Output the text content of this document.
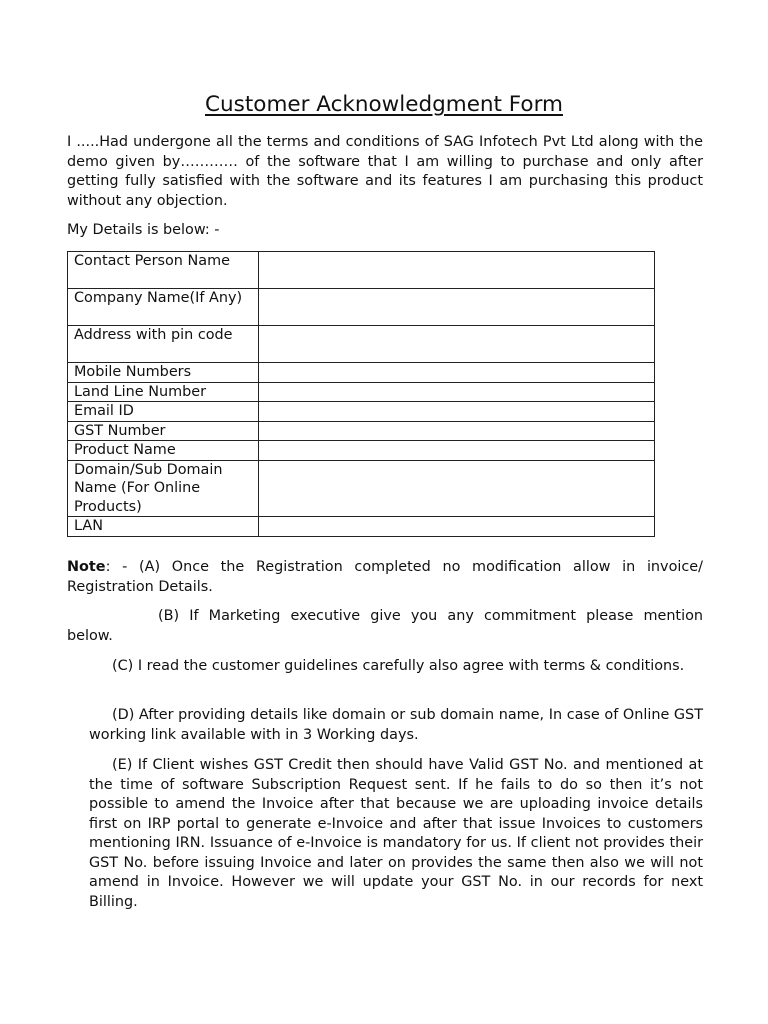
Customer Acknowledgment Form

I .....Had undergone all the terms and conditions of SAG Infotech Pvt Ltd along with the demo given by………… of the software that I am willing to purchase and only after getting fully satisfied with the software and its features I am purchasing this product without any objection.

My Details is below: -

Contact Person Name	
Company Name(If Any)	
Address with pin code	
Mobile Numbers	
Land Line Number	
Email ID	
GST Number	
Product Name	
Domain/Sub Domain Name (For Online Products)	
LAN	

Note: - (A) Once the Registration completed no modification allow in invoice/ Registration Details.

(B) If Marketing executive give you any commitment please mention below.

(C) I read the customer guidelines carefully also agree with terms & conditions.

(D) After providing details like domain or sub domain name, In case of Online GST working link available with in 3 Working days.

(E) If Client wishes GST Credit then should have Valid GST No. and mentioned at the time of software Subscription Request sent. If he fails to do so then it’s not possible to amend the Invoice after that because we are uploading invoice details first on IRP portal to generate e-Invoice and after that issue Invoices to customers mentioning IRN. Issuance of e-Invoice is mandatory for us. If client not provides their GST No. before issuing Invoice and later on provides the same then also we will not amend in Invoice. However we will update your GST No. in our records for next Billing.
